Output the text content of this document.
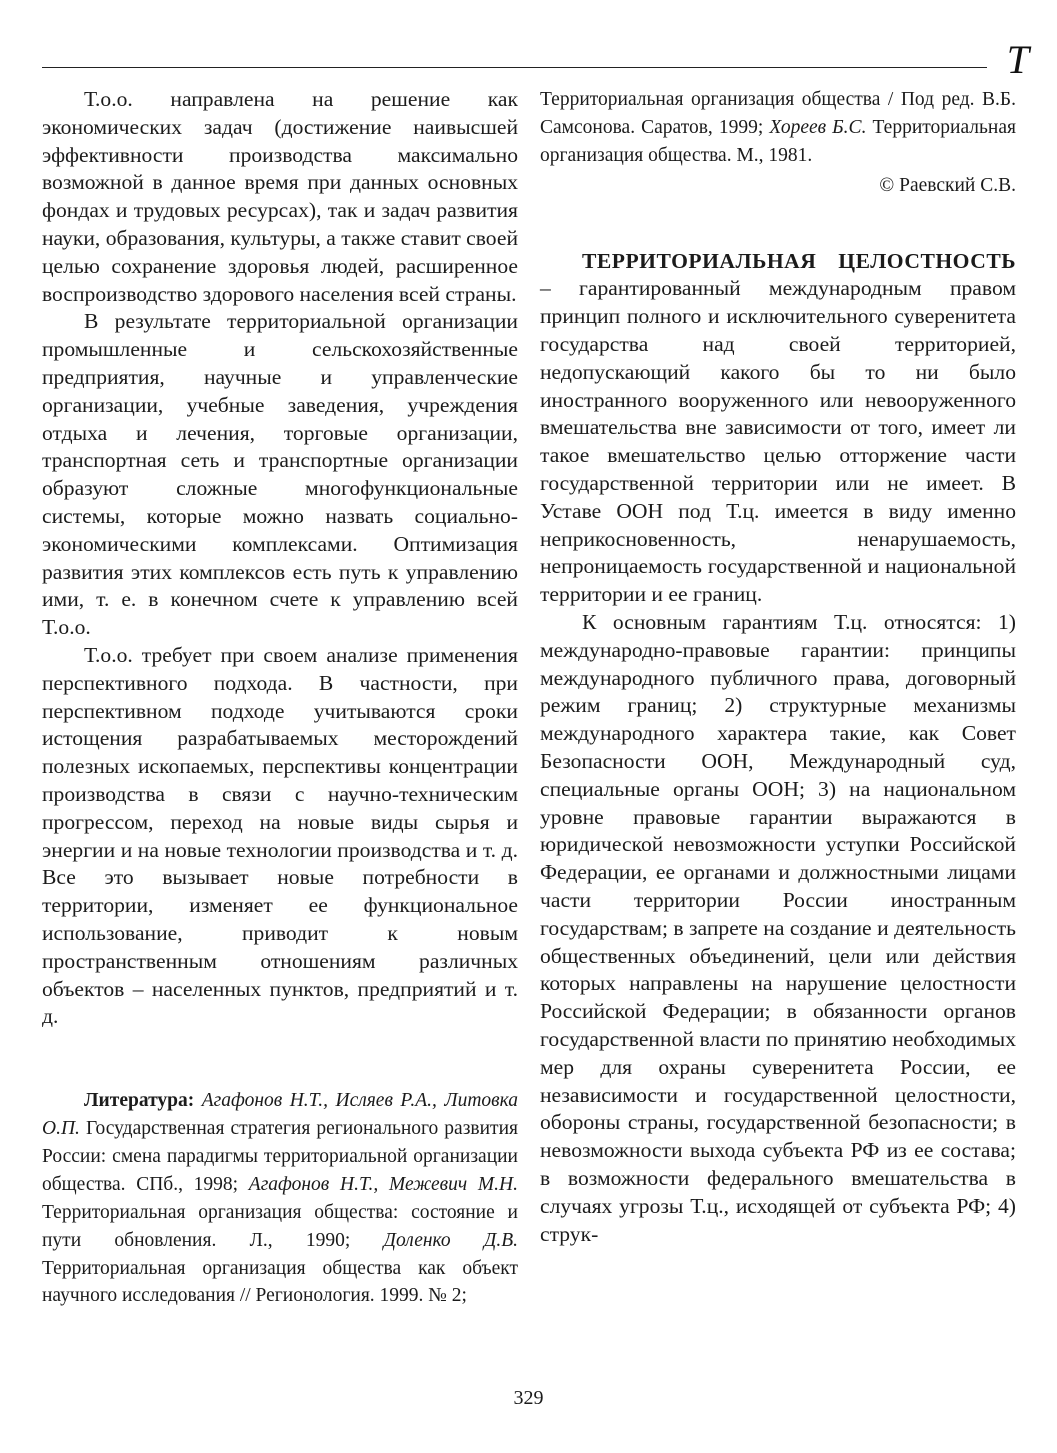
Т

Т.о.о. направлена на решение как экономических задач (достижение наивысшей эффективности производства максимально возможной в данное время при данных основных фондах и трудовых ресурсах), так и задач развития науки, образования, культуры, а также ставит своей целью сохранение здоровья людей, расширенное воспроизводство здорового населения всей страны.

В результате территориальной организации промышленные и сельскохозяйственные предприятия, научные и управленческие организации, учебные заведения, учреждения отдыха и лечения, торговые организации, транспортная сеть и транспортные организации образуют сложные многофункциональные системы, которые можно назвать социально-экономическими комплексами. Оптимизация развития этих комплексов есть путь к управлению ими, т. е. в конечном счете к управлению всей Т.о.о.

Т.о.о. требует при своем анализе применения перспективного подхода. В частности, при перспективном подходе учитываются сроки истощения разрабатываемых месторождений полезных ископаемых, перспективы концентрации производства в связи с научно-техническим прогрессом, переход на новые виды сырья и энергии и на новые технологии производства и т. д. Все это вызывает новые потребности в территории, изменяет ее функциональное использование, приводит к новым пространственным отношениям различных объектов – населенных пунктов, предприятий и т. д.

Литература: Агафонов Н.Т., Исляев Р.А., Литовка О.П. Государственная стратегия регионального развития России: смена парадигмы территориальной организации общества. СПб., 1998; Агафонов Н.Т., Межевич М.Н. Территориальная организация общества: состояние и пути обновления. Л., 1990; Доленко Д.В. Территориальная организация общества как объект научного исследования // Регионология. 1999. № 2;

Территориальная организация общества / Под ред. В.Б. Самсонова. Саратов, 1999; Хореев Б.С. Территориальная организация общества. М., 1981.

© Раевский С.В.

ТЕРРИТОРИАЛЬНАЯ ЦЕЛОСТНОСТЬ – гарантированный международным правом принцип полного и исключительного суверенитета государства над своей территорией, недопускающий какого бы то ни было иностранного вооруженного или невооруженного вмешательства вне зависимости от того, имеет ли такое вмешательство целью отторжение части государственной территории или не имеет. В Уставе ООН под Т.ц. имеется в виду именно неприкосновенность, ненарушаемость, непроницаемость государственной и национальной территории и ее границ.

К основным гарантиям Т.ц. относятся: 1) международно-правовые гарантии: принципы международного публичного права, договорный режим границ; 2) структурные механизмы международного характера такие, как Совет Безопасности ООН, Международный суд, специальные органы ООН; 3) на национальном уровне правовые гарантии выражаются в юридической невозможности уступки Российской Федерации, ее органами и должностными лицами части территории России иностранным государствам; в запрете на создание и деятельность общественных объединений, цели или действия которых направлены на нарушение целостности Российской Федерации; в обязанности органов государственной власти по принятию необходимых мер для охраны суверенитета России, ее независимости и государственной целостности, обороны страны, государственной безопасности; в невозможности выхода субъекта РФ из ее состава; в возможности федерального вмешательства в случаях угрозы Т.ц., исходящей от субъекта РФ; 4) струк-

329
